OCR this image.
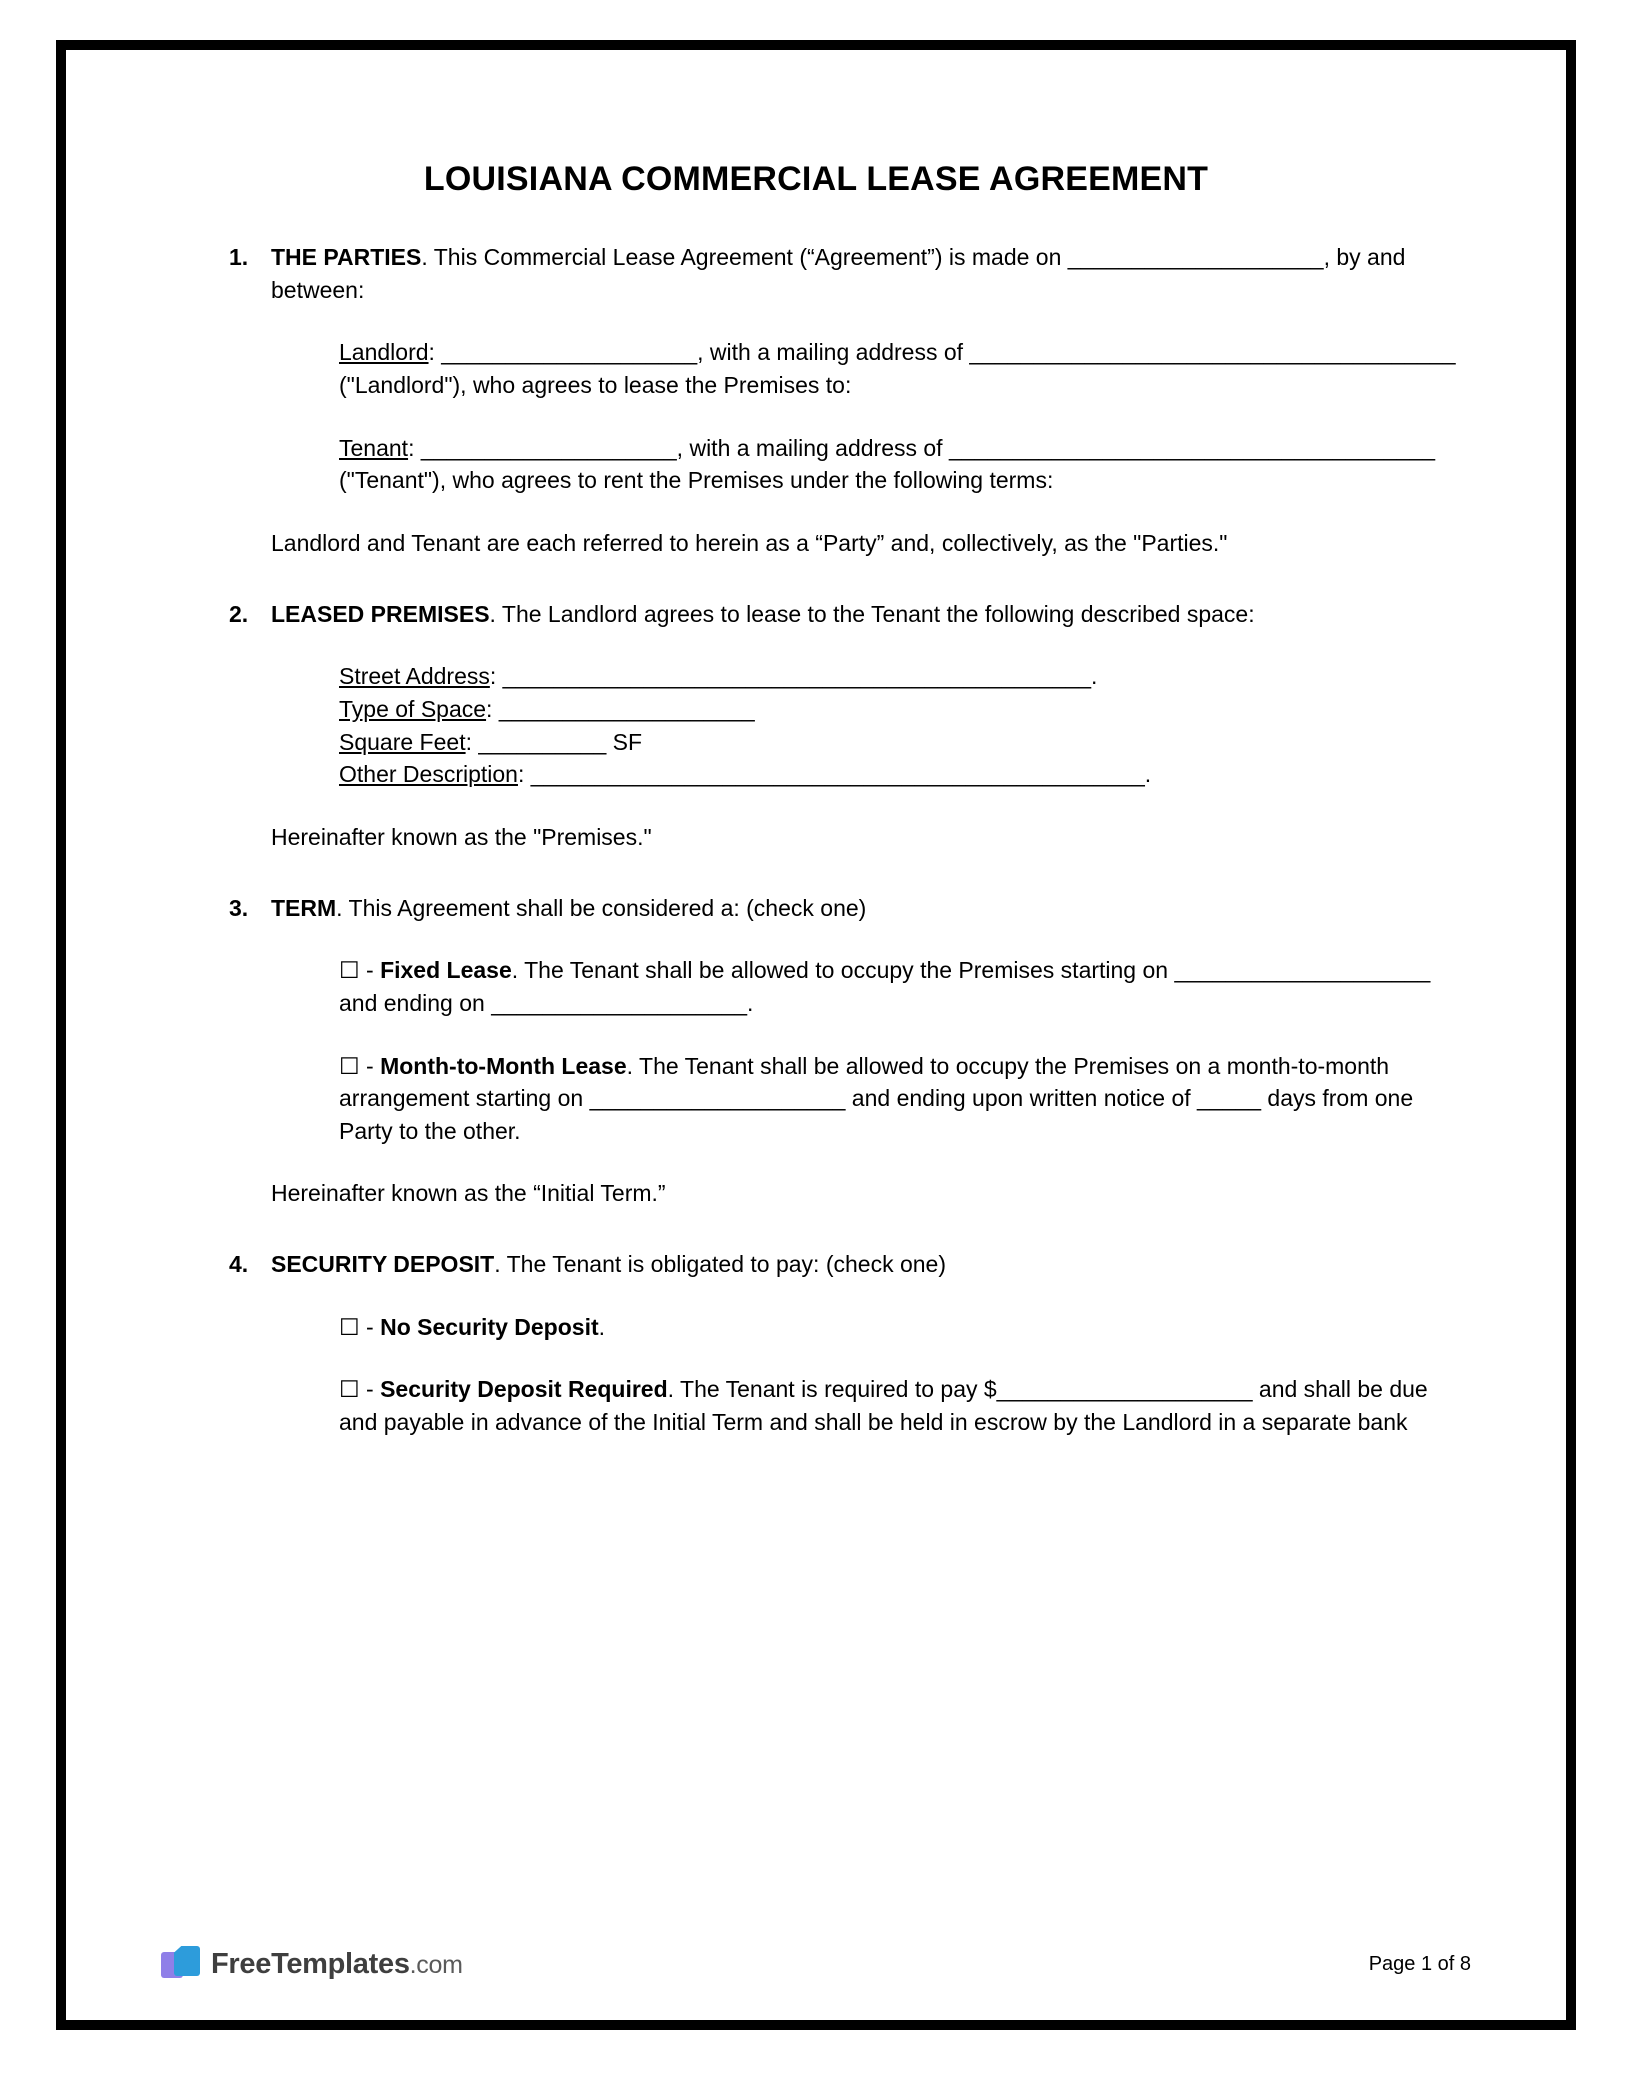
LOUISIANA COMMERCIAL LEASE AGREEMENT
1. THE PARTIES. This Commercial Lease Agreement (“Agreement”) is made on ____________________, by and between:

Landlord: ____________________, with a mailing address of ______________________________________ ("Landlord"), who agrees to lease the Premises to:

Tenant: ____________________, with a mailing address of ______________________________________ ("Tenant"), who agrees to rent the Premises under the following terms:

Landlord and Tenant are each referred to herein as a “Party” and, collectively, as the "Parties."

2. LEASED PREMISES. The Landlord agrees to lease to the Tenant the following described space:

Street Address: ______________________________________________.

Type of Space: ____________________

Square Feet: __________ SF

Other Description: ________________________________________________.

Hereinafter known as the "Premises."

3. TERM. This Agreement shall be considered a: (check one)

☐ - Fixed Lease. The Tenant shall be allowed to occupy the Premises starting on ____________________ and ending on ____________________.

☐ - Month-to-Month Lease. The Tenant shall be allowed to occupy the Premises on a month-to-month arrangement starting on ____________________ and ending upon written notice of _____ days from one Party to the other.

Hereinafter known as the “Initial Term.”

4. SECURITY DEPOSIT. The Tenant is obligated to pay: (check one)

☐ - No Security Deposit.

☐ - Security Deposit Required. The Tenant is required to pay $____________________ and shall be due and payable in advance of the Initial Term and shall be held in escrow by the Landlord in a separate bank

FreeTemplates.com	Page 1 of 8
